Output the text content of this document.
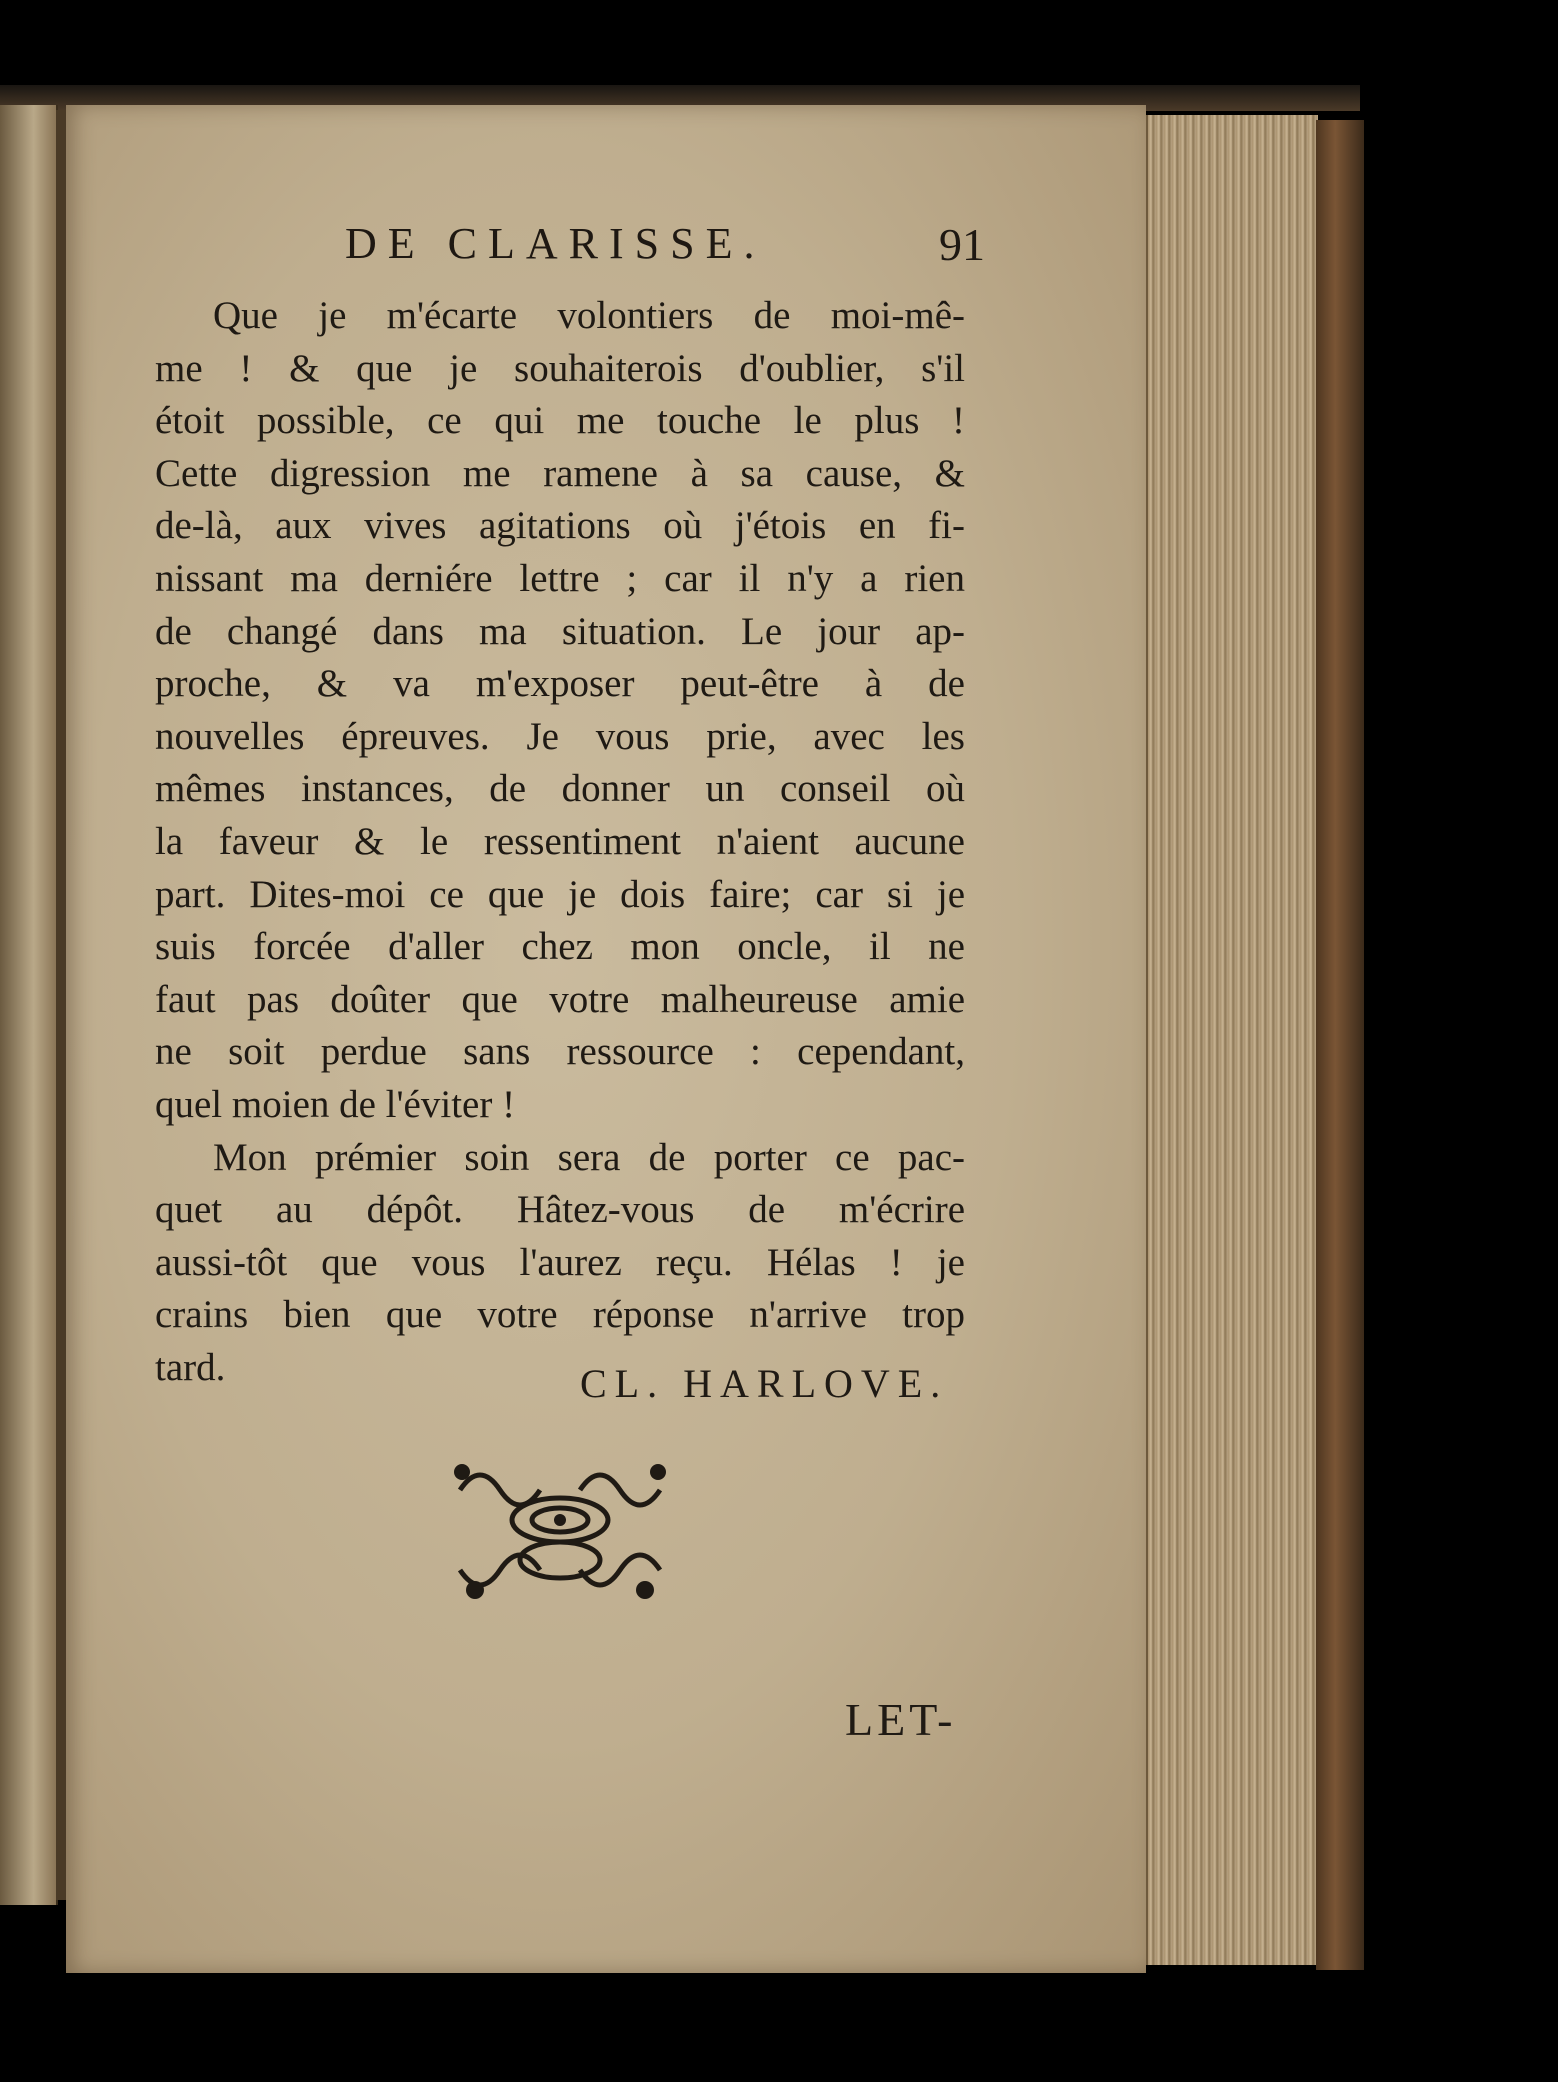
DE CLARISSE.	91
Que je m'écarte volontiers de moi-mê-
me ! & que je souhaiterois d'oublier, s'il
étoit possible, ce qui me touche le plus !
Cette digression me ramene à sa cause, &
de-là, aux vives agitations où j'étois en fi-
nissant ma derniére lettre ; car il n'y a rien
de changé dans ma situation. Le jour ap-
proche, & va m'exposer peut-être à de
nouvelles épreuves. Je vous prie, avec les
mêmes instances, de donner un conseil où
la faveur & le ressentiment n'aient aucune
part. Dites-moi ce que je dois faire; car si je
suis forcée d'aller chez mon oncle, il ne
faut pas doûter que votre malheureuse amie
ne soit perdue sans ressource : cependant,
quel moien de l'éviter !
Mon prémier soin sera de porter ce pac-
quet au dépôt. Hâtez-vous de m'écrire
aussi-tôt que vous l'aurez reçu. Hélas ! je
crains bien que votre réponse n'arrive trop
tard.	CL. HARLOVE.
LET-
